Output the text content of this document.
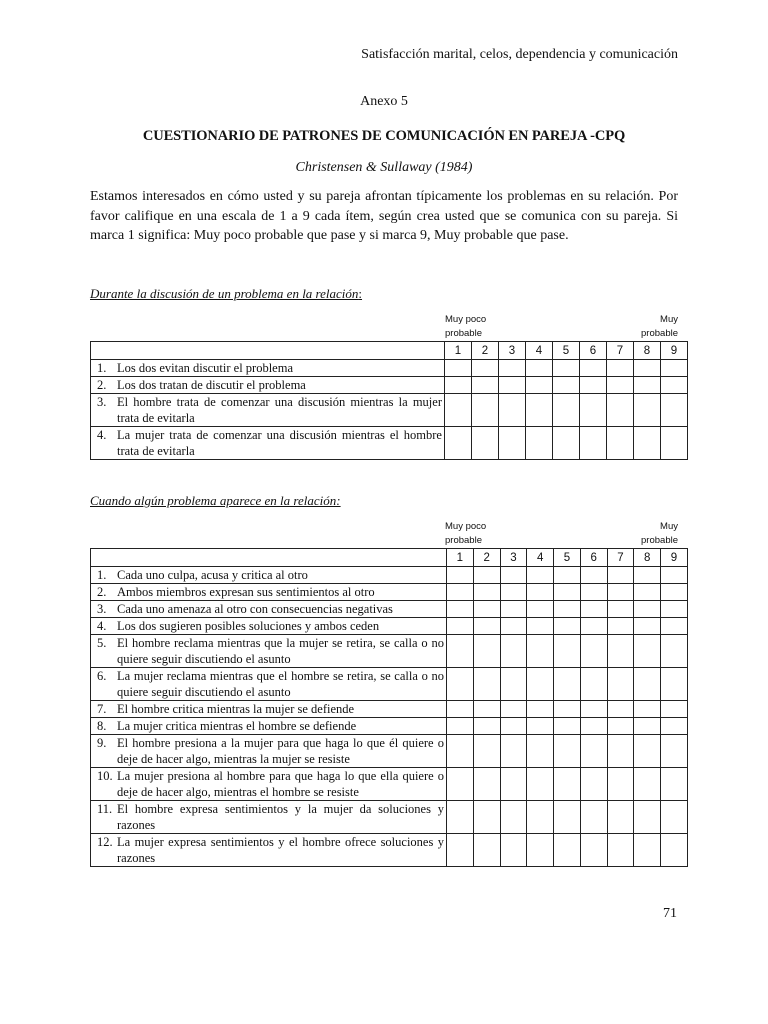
Satisfacción marital, celos, dependencia y comunicación
Anexo 5
CUESTIONARIO DE PATRONES DE COMUNICACIÓN EN PAREJA -CPQ
Christensen & Sullaway (1984)
Estamos interesados en cómo usted y su pareja afrontan típicamente los problemas en su relación. Por favor califique en una escala de 1 a 9 cada ítem, según crea usted que se comunica con su pareja. Si marca 1 significa: Muy poco probable que pase y si marca 9, Muy probable que pase.
Durante la discusión de un problema en la relación:
Muy poco
probable
Muy
probable
	1	2	3	4	5	6	7	8	9

1. Los dos evitan discutir el problema									

2. Los dos tratan de discutir el problema									

3. El hombre trata de comenzar una discusión mientras la mujer trata de evitarla									

4. La mujer trata de comenzar una discusión mientras el hombre trata de evitarla									

Cuando algún problema aparece en la relación:
Muy poco
probable
Muy
probable
	1	2	3	4	5	6	7	8	9

1. Cada uno culpa, acusa y critica al otro									

2. Ambos miembros expresan sus sentimientos al otro									

3. Cada uno amenaza al otro con consecuencias negativas									

4. Los dos sugieren posibles soluciones y ambos ceden									

5. El hombre reclama mientras que la mujer se retira, se calla o no quiere seguir discutiendo el asunto									

6. La mujer reclama mientras que el hombre se retira, se calla o no quiere seguir discutiendo el asunto									

7. El hombre critica mientras la mujer se defiende									

8. La mujer critica mientras el hombre se defiende									

9. El hombre presiona a la mujer para que haga lo que él quiere o deje de hacer algo, mientras la mujer se resiste									

10. La mujer presiona al hombre para que haga lo que ella quiere o deje de hacer algo, mientras el hombre se resiste									

11. El hombre expresa sentimientos y la mujer da soluciones y razones									

12. La mujer expresa sentimientos y el hombre ofrece soluciones y razones									

71
